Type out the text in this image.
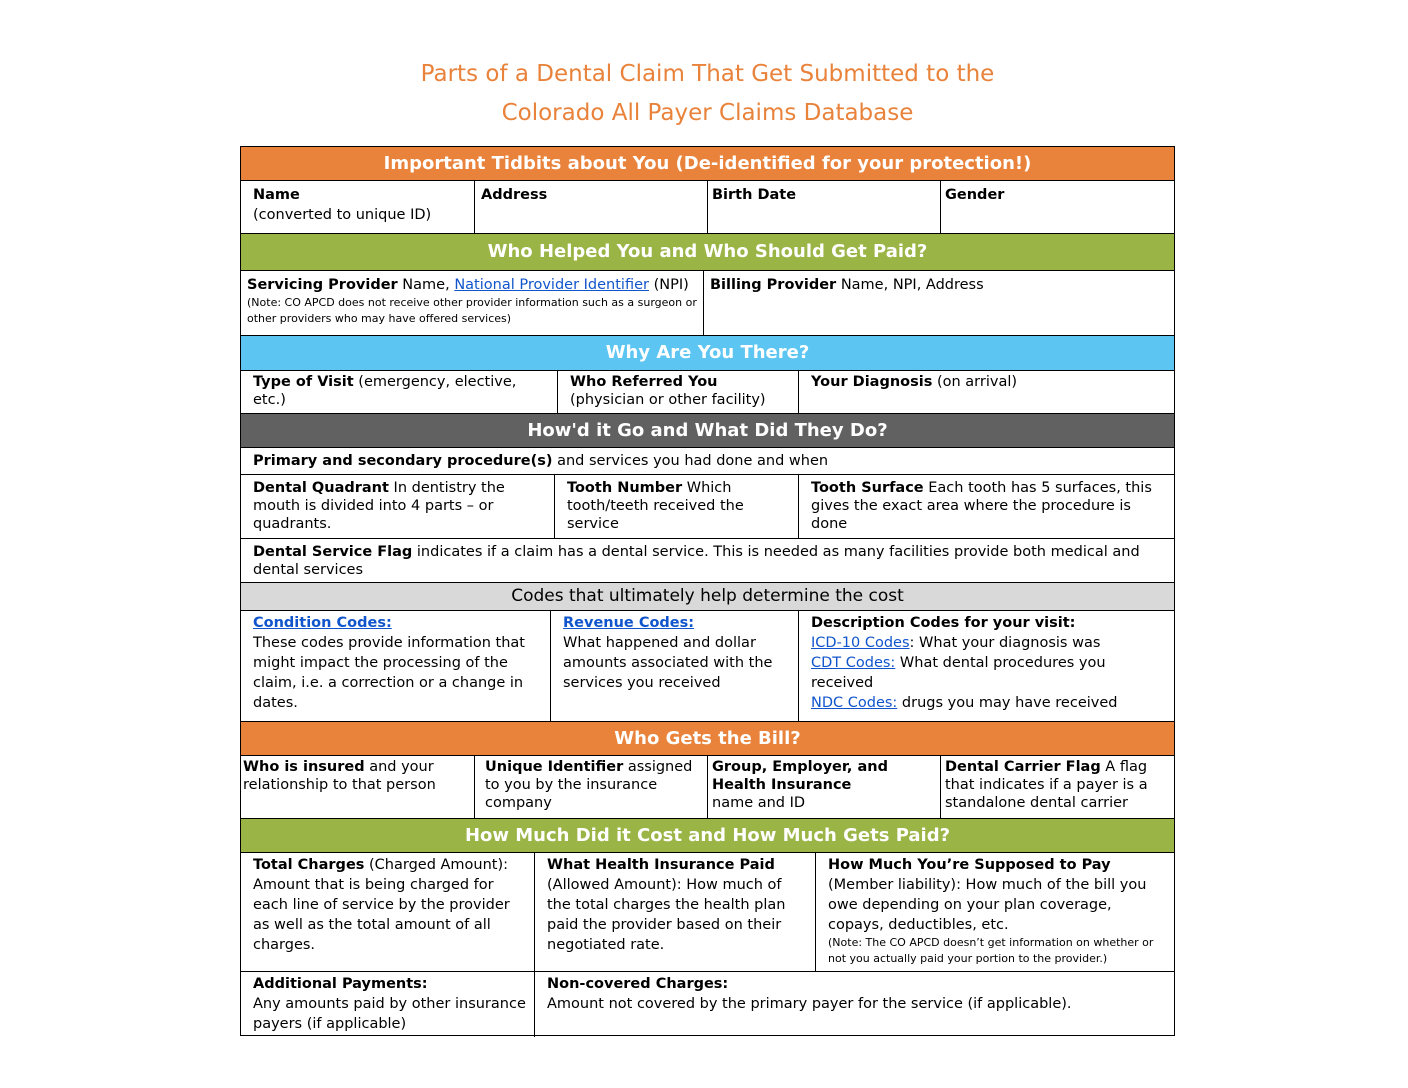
Parts of a Dental Claim That Get Submitted to the
Colorado All Payer Claims Database
Important Tidbits about You (De-identified for your protection!)
Name
(converted to unique ID)
Address	Birth Date	Gender
Who Helped You and Who Should Get Paid?
Servicing Provider Name, National Provider Identifier (NPI)
(Note: CO APCD does not receive other provider information such as a surgeon or other providers who may have offered services)
Billing Provider Name, NPI, Address
Why Are You There?
Type of Visit (emergency, elective, etc.)
Who Referred You
(physician or other facility)
Your Diagnosis (on arrival)
How'd it Go and What Did They Do?
Primary and secondary procedure(s) and services you had done and when
Dental Quadrant In dentistry the mouth is divided into 4 parts – or quadrants.
Tooth Number Which tooth/teeth received the service
Tooth Surface Each tooth has 5 surfaces, this gives the exact area where the procedure is done
Dental Service Flag indicates if a claim has a dental service. This is needed as many facilities provide both medical and dental services
Codes that ultimately help determine the cost
Condition Codes:
These codes provide information that might impact the processing of the claim, i.e. a correction or a change in dates.
Revenue Codes:
What happened and dollar amounts associated with the services you received
Description Codes for your visit:
ICD-10 Codes: What your diagnosis was
CDT Codes: What dental procedures you received
NDC Codes: drugs you may have received
Who Gets the Bill?
Who is insured and your relationship to that person
Unique Identifier assigned to you by the insurance company
Group, Employer, and Health Insurance
name and ID
Dental Carrier Flag A flag that indicates if a payer is a standalone dental carrier
How Much Did it Cost and How Much Gets Paid?
Total Charges (Charged Amount): Amount that is being charged for each line of service by the provider as well as the total amount of all charges.
What Health Insurance Paid
(Allowed Amount): How much of the total charges the health plan paid the provider based on their negotiated rate.
How Much You’re Supposed to Pay
(Member liability): How much of the bill you owe depending on your plan coverage, copays, deductibles, etc.
(Note: The CO APCD doesn’t get information on whether or not you actually paid your portion to the provider.)
Additional Payments:
Any amounts paid by other insurance payers (if applicable)
Non-covered Charges:
Amount not covered by the primary payer for the service (if applicable).
